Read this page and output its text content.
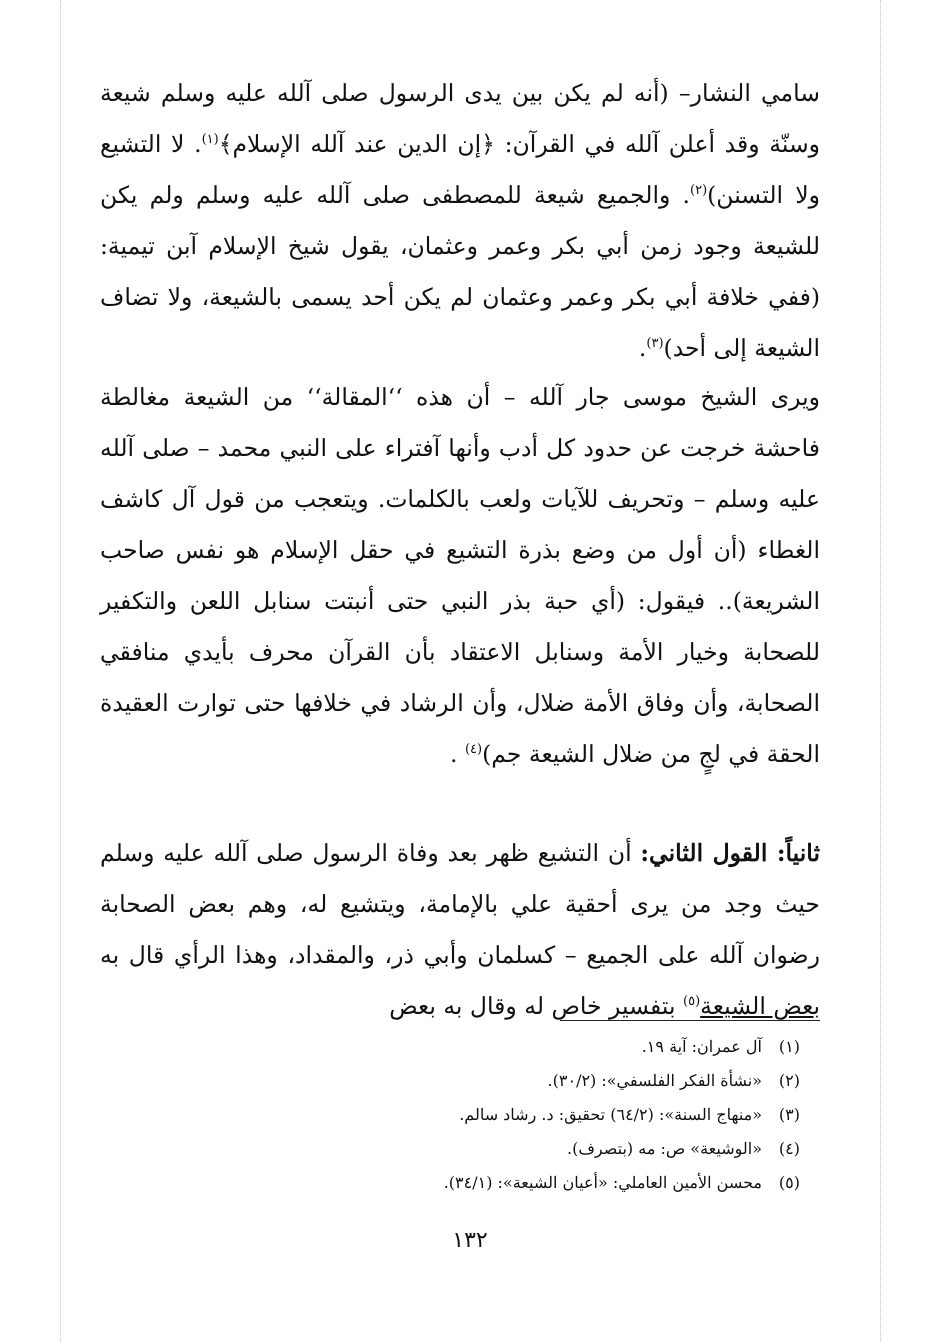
سامي النشار– (أنه لم يكن بين يدى الرسول صلى آلله عليه وسلم شيعة وسنّة وقد أعلن آلله في القرآن: ﴿إن الدين عند آلله الإسلام﴾$^{(١)}$. لا التشيع ولا التسنن)$^{(٢)}$. والجميع شيعة للمصطفى صلى آلله عليه وسلم ولم يكن للشيعة وجود زمن أبي بكر وعمر وعثمان، يقول شيخ الإسلام آبن تيمية: (ففي خلافة أبي بكر وعمر وعثمان لم يكن أحد يسمى بالشيعة، ولا تضاف الشيعة إلى أحد)$^{(٣)}$.
ويرى الشيخ موسى جار آلله – أن هذه ‘‘المقالة‘‘ من الشيعة مغالطة فاحشة خرجت عن حدود كل أدب وأنها آفتراء على النبي محمد – صلى آلله عليه وسلم – وتحريف للآيات ولعب بالكلمات. ويتعجب من قول آل كاشف الغطاء (أن أول من وضع بذرة التشيع في حقل الإسلام هو نفس صاحب الشريعة).. فيقول: (أي حبة بذر النبي حتى أنبتت سنابل اللعن والتكفير للصحابة وخيار الأمة وسنابل الاعتقاد بأن القرآن محرف بأيدي منافقي الصحابة، وأن وفاق الأمة ضلال، وأن الرشاد في خلافها حتى توارت العقيدة الحقة في لجٍ من ضلال الشيعة جم)$^{(٤)}$ .
ثانياً: القول الثاني: أن التشيع ظهر بعد وفاة الرسول صلى آلله عليه وسلم حيث وجد من يرى أحقية علي بالإمامة، ويتشيع له، وهم بعض الصحابة رضوان آلله على الجميع – كسلمان وأبي ذر، والمقداد، وهذا الرأي قال به بعض الشيعة$^{(٥)}$ بتفسير خاص له وقال به بعض
(١)
آل عمران: آية ١٩.
(٢)
«نشأة الفكر الفلسفي»: (٣٠/٢).
(٣)
«منهاج السنة»: (٦٤/٢) تحقيق: د. رشاد سالم.
(٤)
«الوشيعة» ص: مه (بتصرف).
(٥)
محسن الأمين العاملي: «أعيان الشيعة»: (٣٤/١).
١٣٢
